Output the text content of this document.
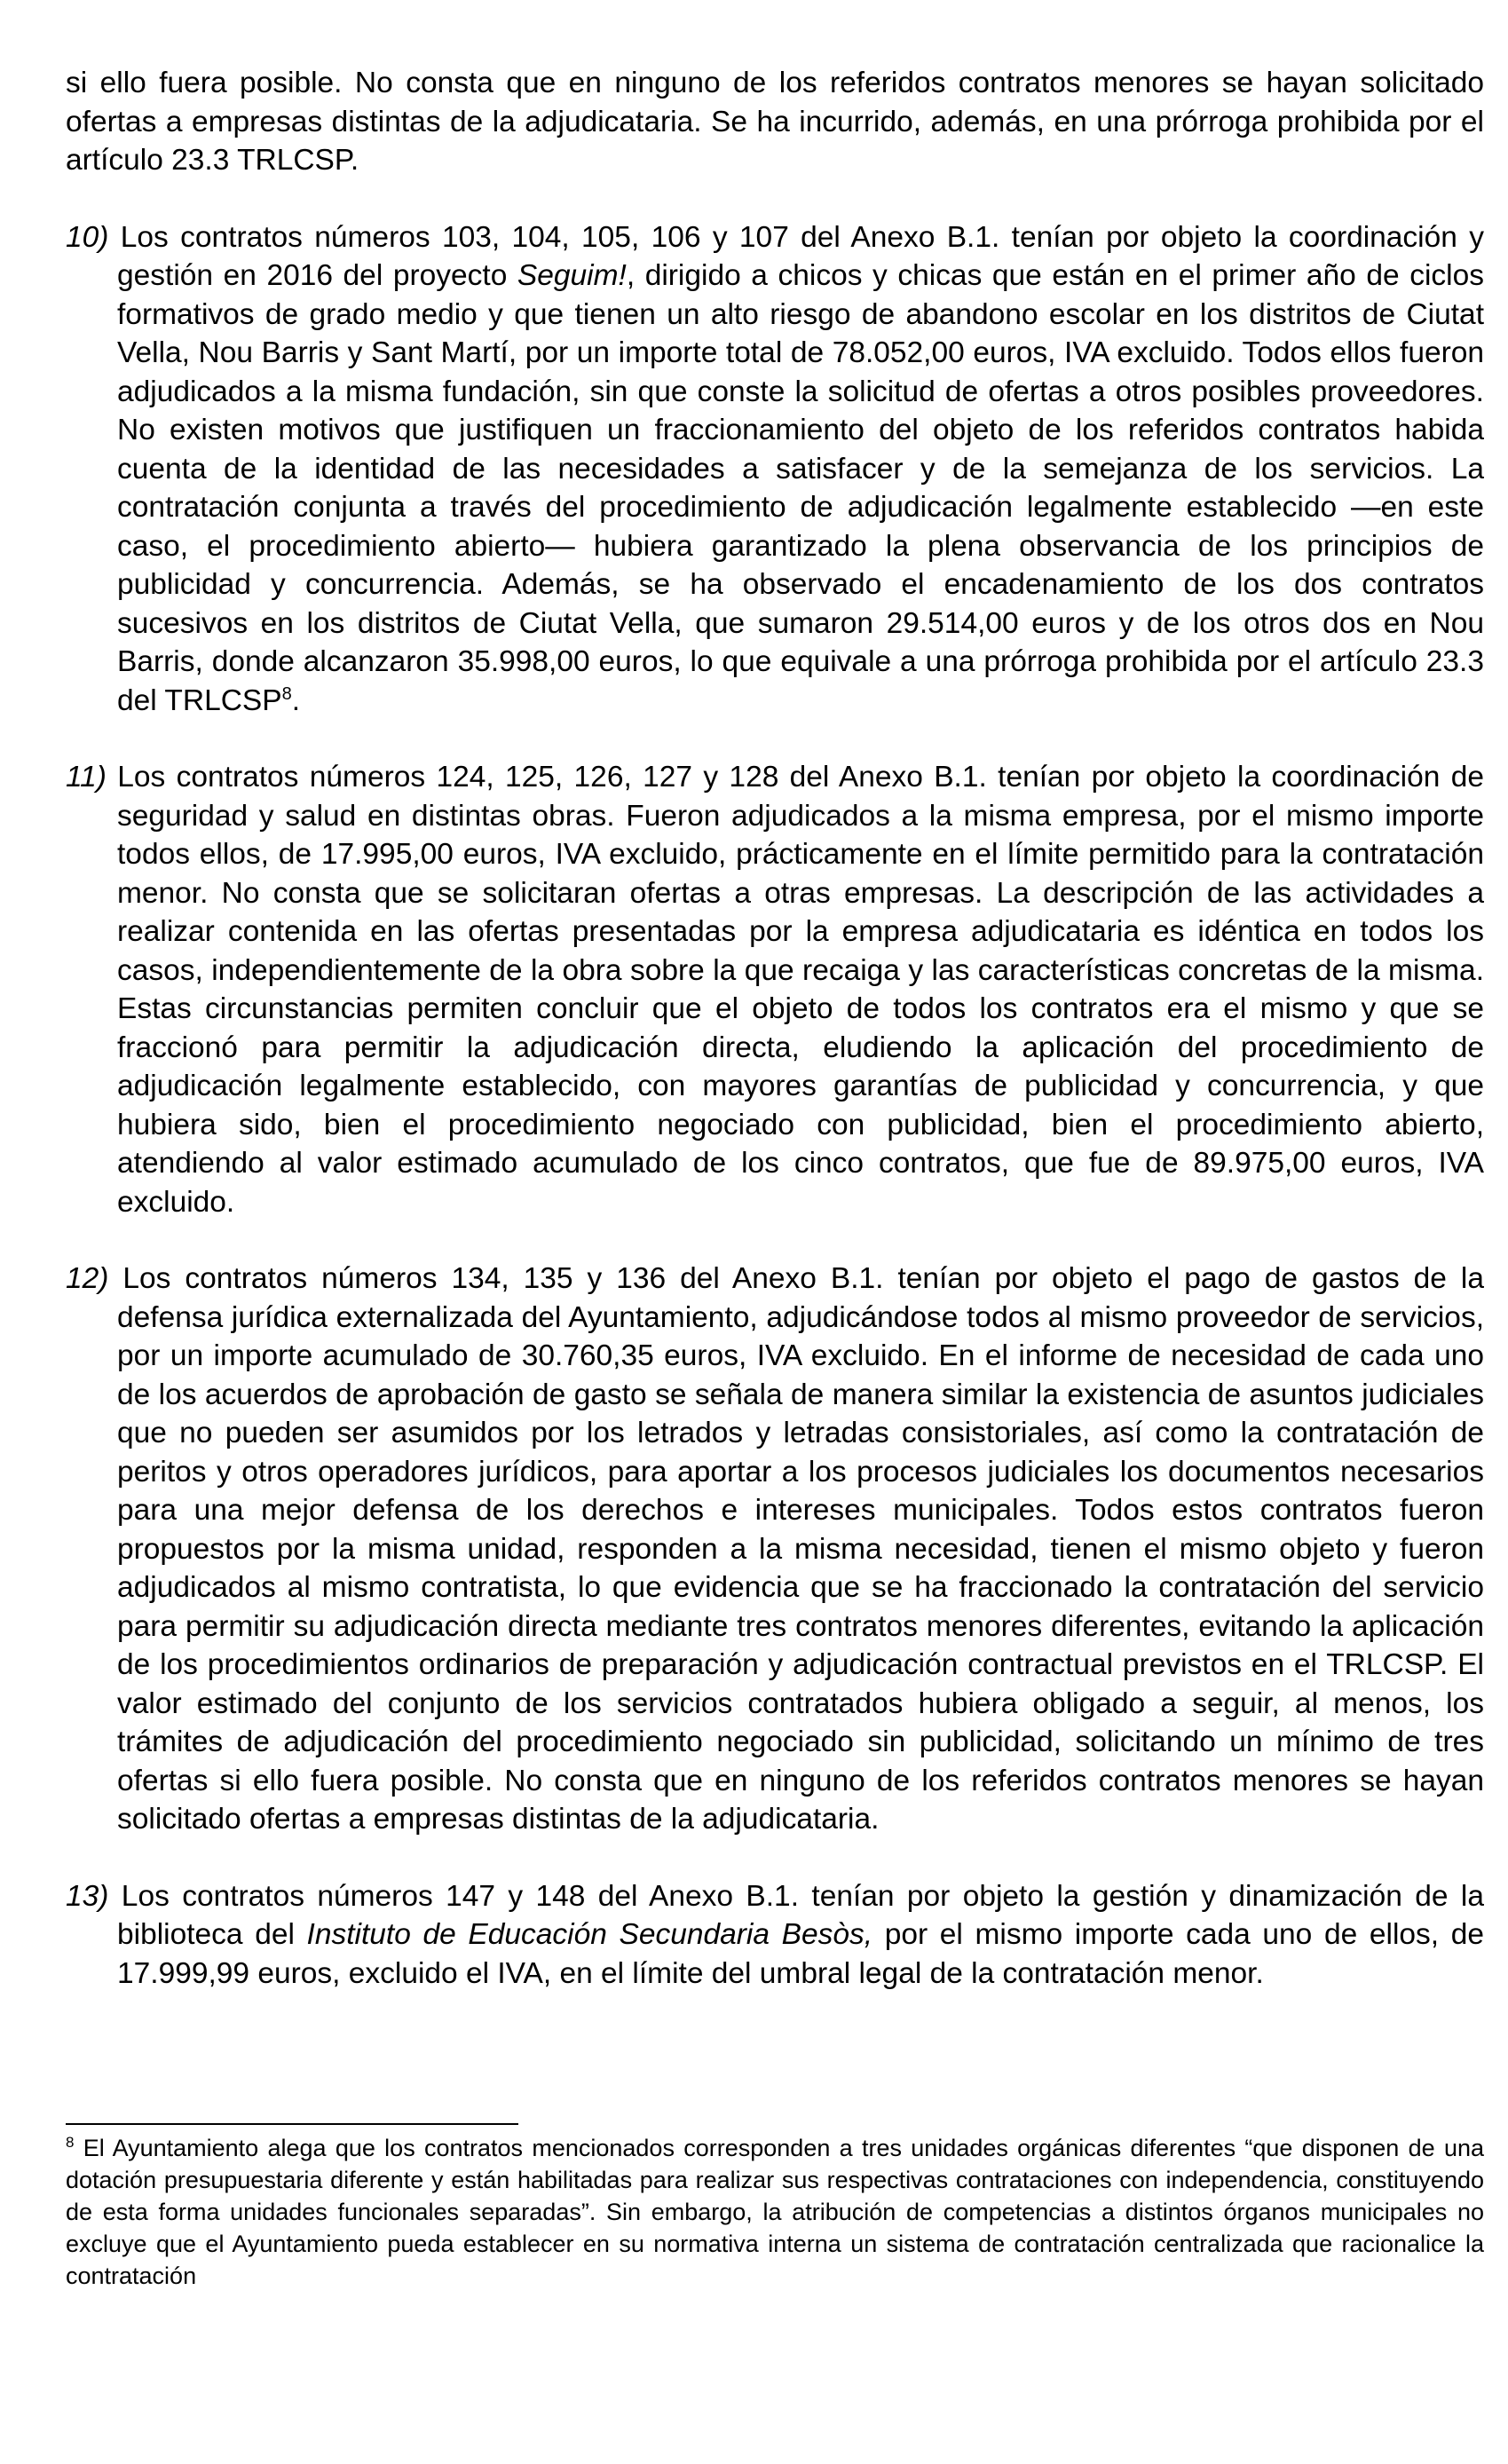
si ello fuera posible. No consta que en ninguno de los referidos contratos menores se hayan solicitado ofertas a empresas distintas de la adjudicataria. Se ha incurrido, además, en una prórroga prohibida por el artículo 23.3 TRLCSP.

10) Los contratos números 103, 104, 105, 106 y 107 del Anexo B.1. tenían por objeto la coordinación y gestión en 2016 del proyecto Seguim!, dirigido a chicos y chicas que están en el primer año de ciclos formativos de grado medio y que tienen un alto riesgo de abandono escolar en los distritos de Ciutat Vella, Nou Barris y Sant Martí, por un importe total de 78.052,00 euros, IVA excluido. Todos ellos fueron adjudicados a la misma fundación, sin que conste la solicitud de ofertas a otros posibles proveedores. No existen motivos que justifiquen un fraccionamiento del objeto de los referidos contratos habida cuenta de la identidad de las necesidades a satisfacer y de la semejanza de los servicios. La contratación conjunta a través del procedimiento de adjudicación legalmente establecido —en este caso, el procedimiento abierto— hubiera garantizado la plena observancia de los principios de publicidad y concurrencia. Además, se ha observado el encadenamiento de los dos contratos sucesivos en los distritos de Ciutat Vella, que sumaron 29.514,00 euros y de los otros dos en Nou Barris, donde alcanzaron 35.998,00 euros, lo que equivale a una prórroga prohibida por el artículo 23.3 del TRLCSP$^8$.

11) Los contratos números 124, 125, 126, 127 y 128 del Anexo B.1. tenían por objeto la coordinación de seguridad y salud en distintas obras. Fueron adjudicados a la misma empresa, por el mismo importe todos ellos, de 17.995,00 euros, IVA excluido, prácticamente en el límite permitido para la contratación menor. No consta que se solicitaran ofertas a otras empresas. La descripción de las actividades a realizar contenida en las ofertas presentadas por la empresa adjudicataria es idéntica en todos los casos, independientemente de la obra sobre la que recaiga y las características concretas de la misma. Estas circunstancias permiten concluir que el objeto de todos los contratos era el mismo y que se fraccionó para permitir la adjudicación directa, eludiendo la aplicación del procedimiento de adjudicación legalmente establecido, con mayores garantías de publicidad y concurrencia, y que hubiera sido, bien el procedimiento negociado con publicidad, bien el procedimiento abierto, atendiendo al valor estimado acumulado de los cinco contratos, que fue de 89.975,00 euros, IVA excluido.

12) Los contratos números 134, 135 y 136 del Anexo B.1. tenían por objeto el pago de gastos de la defensa jurídica externalizada del Ayuntamiento, adjudicándose todos al mismo proveedor de servicios, por un importe acumulado de 30.760,35 euros, IVA excluido. En el informe de necesidad de cada uno de los acuerdos de aprobación de gasto se señala de manera similar la existencia de asuntos judiciales que no pueden ser asumidos por los letrados y letradas consistoriales, así como la contratación de peritos y otros operadores jurídicos, para aportar a los procesos judiciales los documentos necesarios para una mejor defensa de los derechos e intereses municipales. Todos estos contratos fueron propuestos por la misma unidad, responden a la misma necesidad, tienen el mismo objeto y fueron adjudicados al mismo contratista, lo que evidencia que se ha fraccionado la contratación del servicio para permitir su adjudicación directa mediante tres contratos menores diferentes, evitando la aplicación de los procedimientos ordinarios de preparación y adjudicación contractual previstos en el TRLCSP. El valor estimado del conjunto de los servicios contratados hubiera obligado a seguir, al menos, los trámites de adjudicación del procedimiento negociado sin publicidad, solicitando un mínimo de tres ofertas si ello fuera posible. No consta que en ninguno de los referidos contratos menores se hayan solicitado ofertas a empresas distintas de la adjudicataria.

13) Los contratos números 147 y 148 del Anexo B.1. tenían por objeto la gestión y dinamización de la biblioteca del Instituto de Educación Secundaria Besòs, por el mismo importe cada uno de ellos, de 17.999,99 euros, excluido el IVA, en el límite del umbral legal de la contratación menor.

$^8$ El Ayuntamiento alega que los contratos mencionados corresponden a tres unidades orgánicas diferentes “que disponen de una dotación presupuestaria diferente y están habilitadas para realizar sus respectivas contrataciones con independencia, constituyendo de esta forma unidades funcionales separadas”. Sin embargo, la atribución de competencias a distintos órganos municipales no excluye que el Ayuntamiento pueda establecer en su normativa interna un sistema de contratación centralizada que racionalice la contratación
